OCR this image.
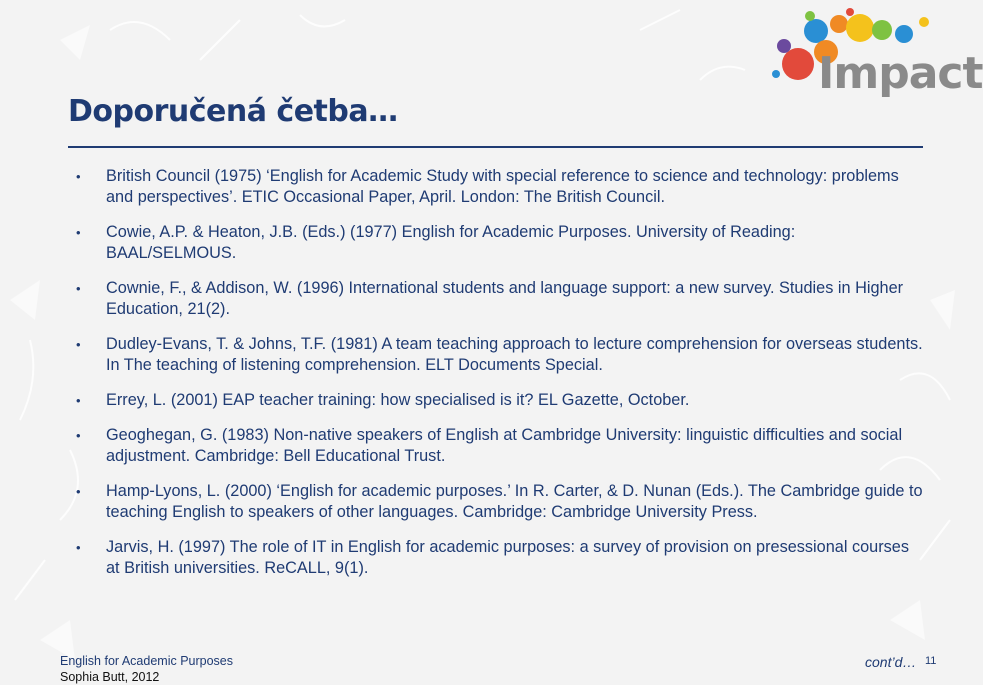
Impact
Doporučená četba…
• British Council (1975) ‘English for Academic Study with special reference to science and technology: problems and perspectives’. ETIC Occasional Paper, April. London: The British Council.
• Cowie, A.P. & Heaton, J.B. (Eds.) (1977) English for Academic Purposes. University of Reading: BAAL/SELMOUS.
• Cownie, F., & Addison, W. (1996) International students and language support: a new survey. Studies in Higher Education, 21(2).
• Dudley-Evans, T. & Johns, T.F. (1981) A team teaching approach to lecture comprehension for overseas students. In The teaching of listening comprehension. ELT Documents Special.
• Errey, L. (2001) EAP teacher training: how specialised is it? EL Gazette, October.
• Geoghegan, G. (1983) Non-native speakers of English at Cambridge University: linguistic difficulties and social adjustment. Cambridge: Bell Educational Trust.
• Hamp-Lyons, L. (2000) ‘English for academic purposes.’ In R. Carter, & D. Nunan (Eds.). The Cambridge guide to teaching English to speakers of other languages. Cambridge: Cambridge University Press.
• Jarvis, H. (1997) The role of IT in English for academic purposes: a survey of provision on presessional courses at British universities. ReCALL, 9(1).
English for Academic Purposes
Sophia Butt, 2012
cont’d… 11
